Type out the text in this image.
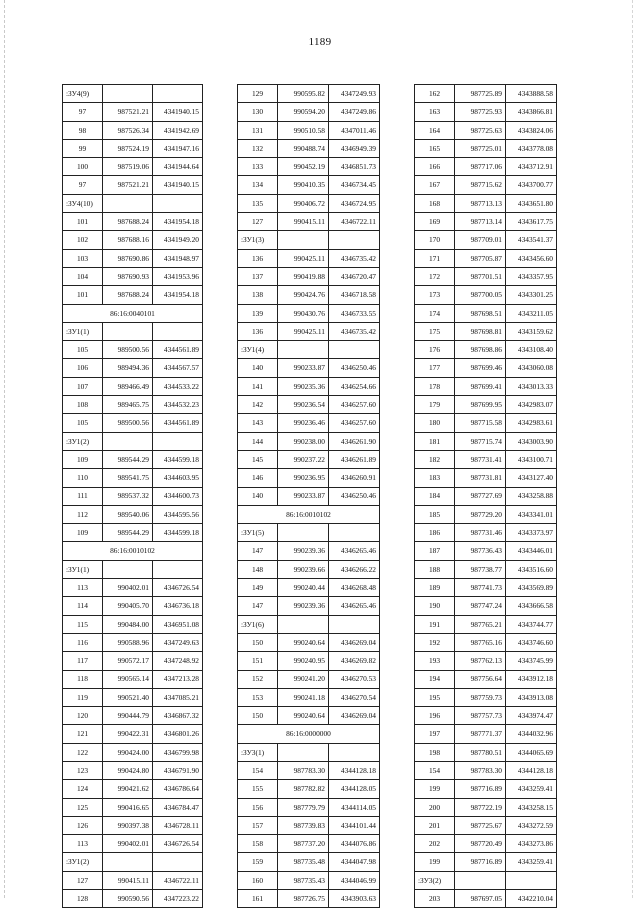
1189
:ЗУ4(9)		
97	987521.21	4341940.15
98	987526.34	4341942.69
99	987524.19	4341947.16
100	987519.06	4341944.64
97	987521.21	4341940.15
:ЗУ4(10)		
101	987688.24	4341954.18
102	987688.16	4341949.20
103	987690.86	4341948.97
104	987690.93	4341953.96
101	987688.24	4341954.18
86:16:0040101		
:ЗУ1(1)		
105	989500.56	4344561.89
106	989494.36	4344567.57
107	989466.49	4344533.22
108	989465.75	4344532.23
105	989500.56	4344561.89
:ЗУ1(2)		
109	989544.29	4344599.18
110	989541.75	4344603.95
111	989537.32	4344600.73
112	989540.06	4344595.56
109	989544.29	4344599.18
86:16:0010102		
:ЗУ1(1)		
113	990402.01	4346726.54
114	990405.70	4346736.18
115	990484.00	4346951.08
116	990588.96	4347249.63
117	990572.17	4347248.92
118	990565.14	4347213.28
119	990521.40	4347085.21
120	990444.79	4346867.32
121	990422.31	4346801.26
122	990424.00	4346799.98
123	990424.80	4346791.90
124	990421.62	4346786.64
125	990416.65	4346784.47
126	990397.38	4346728.11
113	990402.01	4346726.54
:ЗУ1(2)		
127	990415.11	4346722.11
128	990590.56	4347223.22
129	990595.82	4347249.93
130	990594.20	4347249.86
131	990510.58	4347011.46
132	990488.74	4346949.39
133	990452.19	4346851.73
134	990410.35	4346734.45
135	990406.72	4346724.95
127	990415.11	4346722.11
:ЗУ1(3)		
136	990425.11	4346735.42
137	990419.88	4346720.47
138	990424.76	4346718.58
139	990430.76	4346733.55
136	990425.11	4346735.42
:ЗУ1(4)		
140	990233.87	4346250.46
141	990235.36	4346254.66
142	990236.54	4346257.60
143	990236.46	4346257.60
144	990238.00	4346261.90
145	990237.22	4346261.89
146	990236.95	4346260.91
140	990233.87	4346250.46
86:16:0010102		
:ЗУ1(5)		
147	990239.36	4346265.46
148	990239.66	4346266.22
149	990240.44	4346268.48
147	990239.36	4346265.46
:ЗУ1(6)		
150	990240.64	4346269.04
151	990240.95	4346269.82
152	990241.20	4346270.53
153	990241.18	4346270.54
150	990240.64	4346269.04
86:16:0000000		
:ЗУ3(1)		
154	987783.30	4344128.18
155	987782.82	4344128.05
156	987779.79	4344114.05
157	987739.83	4344101.44
158	987737.20	4344076.86
159	987735.48	4344047.98
160	987735.43	4344046.99
161	987726.75	4343903.63
162	987725.89	4343888.58
163	987725.93	4343866.81
164	987725.63	4343824.06
165	987725.01	4343778.08
166	987717.06	4343712.91
167	987715.62	4343700.77
168	987713.13	4343651.80
169	987713.14	4343617.75
170	987709.01	4343541.37
171	987705.87	4343456.60
172	987701.51	4343357.95
173	987700.05	4343301.25
174	987698.51	4343211.05
175	987698.81	4343159.62
176	987698.86	4343108.40
177	987699.46	4343060.08
178	987699.41	4343013.33
179	987699.95	4342983.07
180	987715.58	4342983.61
181	987715.74	4343003.90
182	987731.41	4343100.71
183	987731.81	4343127.40
184	987727.69	4343258.88
185	987729.20	4343341.01
186	987731.46	4343373.97
187	987736.43	4343446.01
188	987738.77	4343516.60
189	987741.73	4343569.89
190	987747.24	4343666.58
191	987765.21	4343744.77
192	987765.16	4343746.60
193	987762.13	4343745.99
194	987756.64	4343912.18
195	987759.73	4343913.08
196	987757.73	4343974.47
197	987771.37	4344032.96
198	987780.51	4344065.69
154	987783.30	4344128.18
199	987716.89	4343259.41
200	987722.19	4343258.15
201	987725.67	4343272.59
202	987720.49	4343273.86
199	987716.89	4343259.41
:ЗУ3(2)		
203	987697.05	4342210.04
